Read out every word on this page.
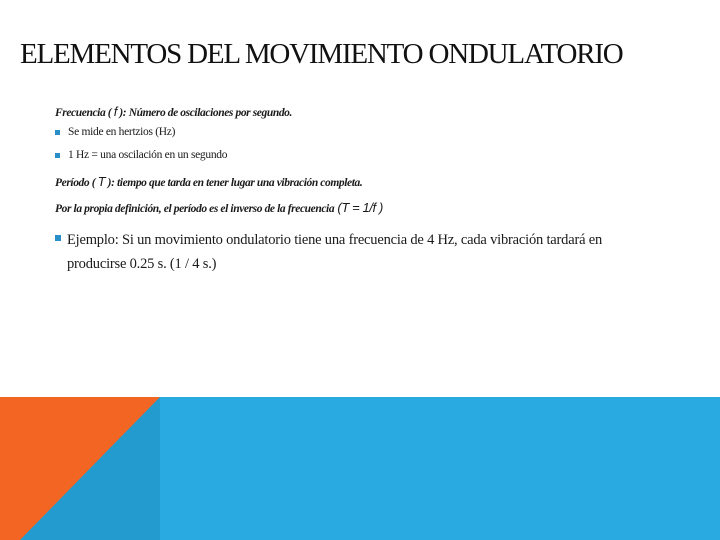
ELEMENTOS DEL MOVIMIENTO ONDULATORIO
Frecuencia ( f ): Número de oscilaciones por segundo.
Se mide en hertzios (Hz)
1 Hz = una oscilación en un segundo
Período ( T ): tiempo que tarda en tener lugar una vibración completa.
Por la propia definición, el período es el inverso de la frecuencia (T = 1/f )
Ejemplo: Si un movimiento ondulatorio tiene una frecuencia de 4 Hz, cada vibración tardará en
producirse 0.25 s. (1 / 4 s.)
